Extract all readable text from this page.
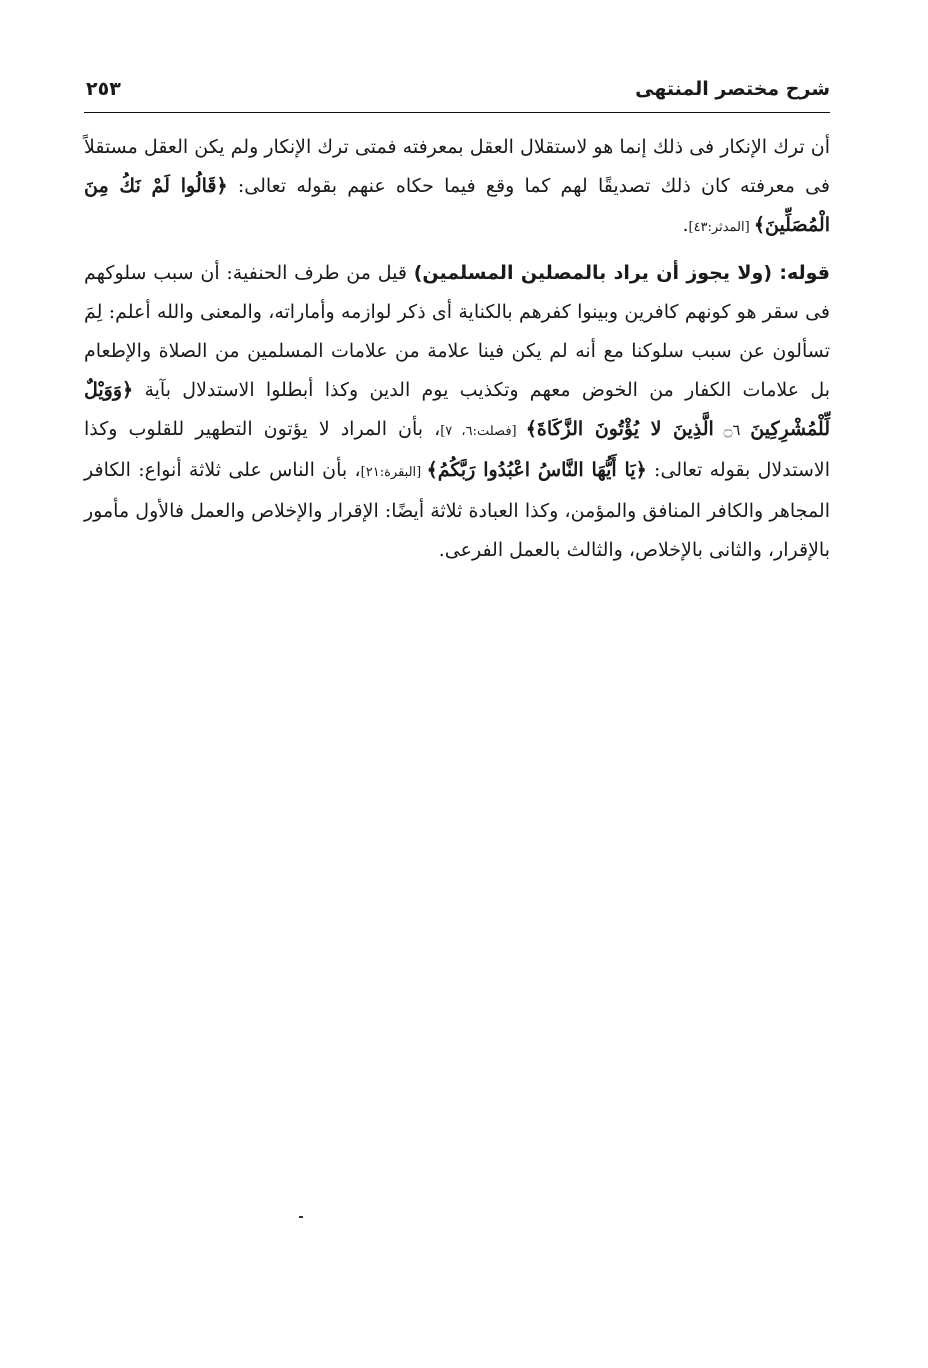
شرح مختصر المنتهى
٢٥٣

أن ترك الإنكار فى ذلك إنما هو لاستقلال العقل بمعرفته فمتى ترك الإنكار ولم يكن العقل مستقلاً فى معرفته كان ذلك تصديقًا لهم كما وقع فيما حكاه عنهم بقوله تعالى: ﴿قَالُوا لَمْ نَكُ مِنَ الْمُصَلِّينَ﴾ [المدثر:٤٣].

قوله: (ولا يجوز أن يراد بالمصلين المسلمين) قيل من طرف الحنفية: أن سبب سلوكهم فى سقر هو كونهم كافرين وبينوا كفرهم بالكناية أى ذكر لوازمه وأماراته، والمعنى والله أعلم: لِمَ تسألون عن سبب سلوكنا مع أنه لم يكن فينا علامة من علامات المسلمين من الصلاة والإطعام بل علامات الكفار من الخوض معهم وتكذيب يوم الدين وكذا أبطلوا الاستدلال بآية ﴿وَوَيْلٌ لِّلْمُشْرِكِينَ ۝٦ الَّذِينَ لا يُؤْتُونَ الزَّكَاةَ﴾ [فصلت:٦، ٧]، بأن المراد لا يؤتون التطهير للقلوب وكذا الاستدلال بقوله تعالى: ﴿يَا أَيُّهَا النَّاسُ اعْبُدُوا رَبَّكُمُ﴾ [البقرة:٢١]، بأن الناس على ثلاثة أنواع: الكافر المجاهر والكافر المنافق والمؤمن، وكذا العبادة ثلاثة أيضًا: الإقرار والإخلاص والعمل فالأول مأمور بالإقرار، والثانى بالإخلاص، والثالث بالعمل الفرعى.
